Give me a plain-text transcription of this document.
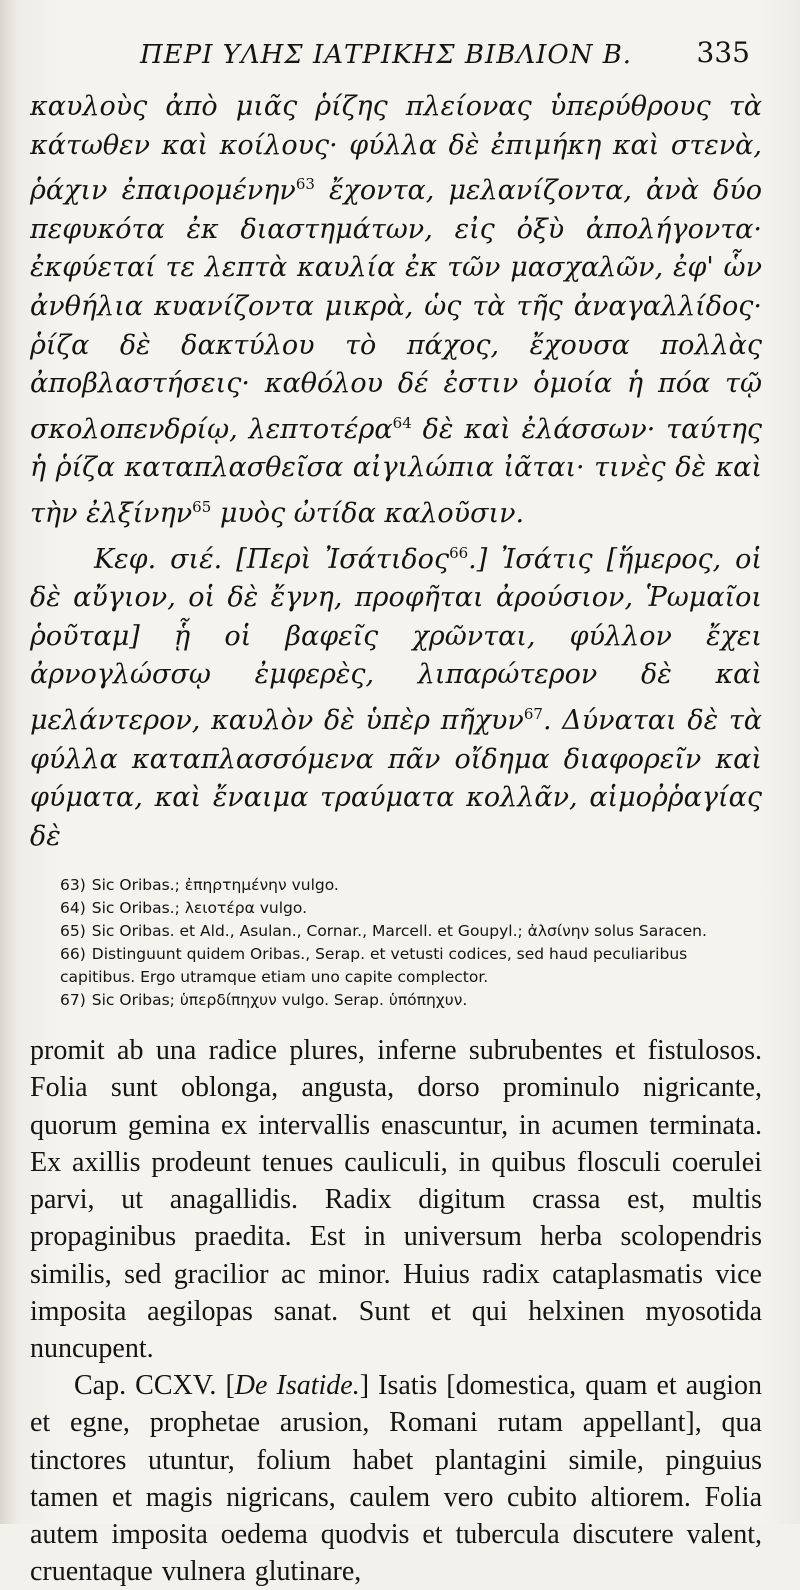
ΠΕΡΙ ΥΛΗΣ ΙΑΤΡΙΚΗΣ ΒΙΒΛΙΟΝ Β. 335

καυλοὺς ἀπὸ μιᾶς ῥίζης πλείονας ὑπερύθρους τὰ κάτωθεν καὶ κοίλους· φύλλα δὲ ἐπιμήκη καὶ στενὰ, ῥάχιν ἐπαιρομένην$^{63}$ ἔχοντα, μελανίζοντα, ἀνὰ δύο πεφυκότα ἐκ διαστημάτων, εἰς ὀξὺ ἀπολήγοντα· ἐκφύεταί τε λεπτὰ καυλία ἐκ τῶν μασχαλῶν, ἐφ' ὧν ἀνθήλια κυανίζοντα μικρὰ, ὡς τὰ τῆς ἀναγαλλίδος· ῥίζα δὲ δακτύλου τὸ πάχος, ἔχουσα πολλὰς ἀποβλαστήσεις· καθόλου δέ ἐστιν ὁμοία ἡ πόα τῷ σκολοπενδρίῳ, λεπτοτέρα$^{64}$ δὲ καὶ ἐλάσσων· ταύτης ἡ ῥίζα καταπλασθεῖσα αἰγιλώπια ἰᾶται· τινὲς δὲ καὶ τὴν ἐλξίνην$^{65}$ μυὸς ὠτίδα καλοῦσιν.

Κεφ. σιέ. [Περὶ Ἰσάτιδος$^{66}$.] Ἰσάτις [ἥμερος, οἱ δὲ αὔγιον, οἱ δὲ ἔγνη, προφῆται ἀρούσιον, Ῥωμαῖοι ῥοῦταμ] ᾗ οἱ βαφεῖς χρῶνται, φύλλον ἔχει ἀρνογλώσσῳ ἐμφερὲς, λιπαρώτερον δὲ καὶ μελάντερον, καυλὸν δὲ ὑπὲρ πῆχυν$^{67}$. Δύναται δὲ τὰ φύλλα καταπλασσόμενα πᾶν οἴδημα διαφορεῖν καὶ φύματα, καὶ ἔναιμα τραύματα κολλᾶν, αἱμοῤῥαγίας δὲ

63) Sic Oribas.; ἐπηρτημένην vulgo.
64) Sic Oribas.; λειοτέρα vulgo.
65) Sic Oribas. et Ald., Asulan., Cornar., Marcell. et Goupyl.; ἀλσίνην solus Saracen.
66) Distinguunt quidem Oribas., Serap. et vetusti codices, sed haud peculiaribus capitibus. Ergo utramque etiam uno capite complector.
67) Sic Oribas; ὑπερδίπηχυν vulgo. Serap. ὑπόπηχυν.

promit ab una radice plures, inferne subrubentes et fistulosos. Folia sunt oblonga, angusta, dorso prominulo nigricante, quorum gemina ex intervallis enascuntur, in acumen terminata. Ex axillis prodeunt tenues cauliculi, in quibus flosculi coerulei parvi, ut anagallidis. Radix digitum crassa est, multis propaginibus praedita. Est in universum herba scolopendris similis, sed gracilior ac minor. Huius radix cataplasmatis vice imposita aegilopas sanat. Sunt et qui helxinen myosotida nuncupent.

Cap. CCXV. [De Isatide.] Isatis [domestica, quam et augion et egne, prophetae arusion, Romani rutam appellant], qua tinctores utuntur, folium habet plantagini simile, pinguius tamen et magis nigricans, caulem vero cubito altiorem. Folia autem imposita oedema quodvis et tubercula discutere valent, cruentaque vulnera glutinare,
